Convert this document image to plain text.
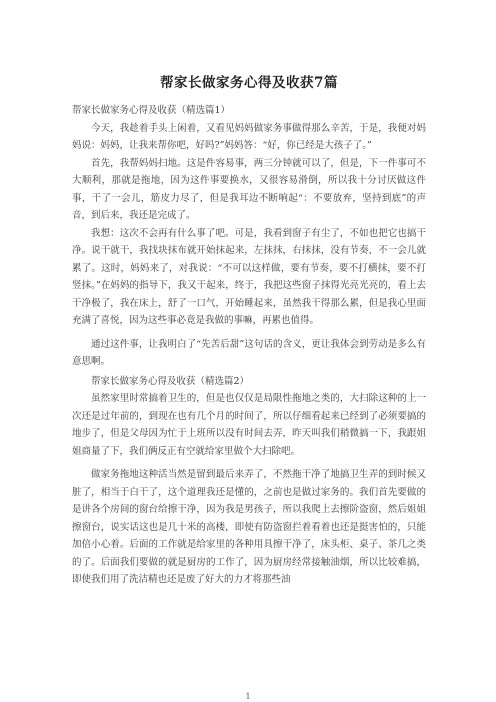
帮家长做家务心得及收获7篇

帮家长做家务心得及收获（精选篇1）

今天，我趁着手头上闲着，又看见妈妈做家务事做得那么辛苦，于是，我便对妈妈说：妈妈，让我来帮你吧，好吗?”妈妈答：“好，你已经是大孩子了。”

首先，我帮妈妈扫地。这是件容易事，两三分钟就可以了，但是，下一件事可不大顺利，那就是拖地，因为这件事要换水，又很容易滑倒，所以我十分讨厌做这件事，干了一会儿，筋皮力尽了，但是我耳边不断响起“：不要放弃，坚持到底”的声音，到后来，我还是完成了。

我想：这次不会再有什么事了吧。可是，我看到窗子有尘了，不如也把它也搞干净。说干就干，我找块抹布就开始抹起来，左抹抹，右抹抹，没有节奏，不一会儿就累了。这时，妈妈来了，对我说：“不可以这样做，要有节奏，要不打横抹，要不打竖抹。”在妈妈的指导下，我又干起来，终于，我把这些窗子抹得光亮光亮的，看上去干净极了，我在床上，舒了一口气，开始睡起来，虽然我干得那么累，但是我心里面充满了喜悦，因为这些事必竟是我做的事嘛，再累也值得。

通过这件事，让我明白了“先苦后甜”这句话的含义，更让我体会到劳动是多么有意思啊。

帮家长做家务心得及收获（精选篇2）

虽然家里时常搞着卫生的，但是也仅仅是局限性拖地之类的，大扫除这种的上一次还是过年前的，到现在也有几个月的时间了，所以仔细看起来已经到了必须要搞的地步了，但是父母因为忙于上班所以没有时间去弄，昨天叫我们稍微搞一下，我跟姐姐商量了下，我们俩反正有空就给家里做个大扫除吧。

做家务拖地这种活当然是留到最后来弄了，不然拖干净了地搞卫生弄的到时候又脏了，相当于白干了，这个道理我还是懂的，之前也是做过家务的。我们首先要做的是讲各个房间的窗台给擦干净，因为我是男孩子，所以我爬上去擦阶盗窗，然后姐姐擦窗台，说实话这也是几十米的高楼，即使有防盗窗拦着看着也还是挺害怕的，只能加倍小心着。后面的工作就是给家里的各种用具擦干净了，床头柜、桌子、茶几之类的了。后面我们要做的就是厨房的工作了，因为厨房经常接触油烟，所以比较难搞，即使我们用了洗洁精也还是废了好大的力才将那些油

1
